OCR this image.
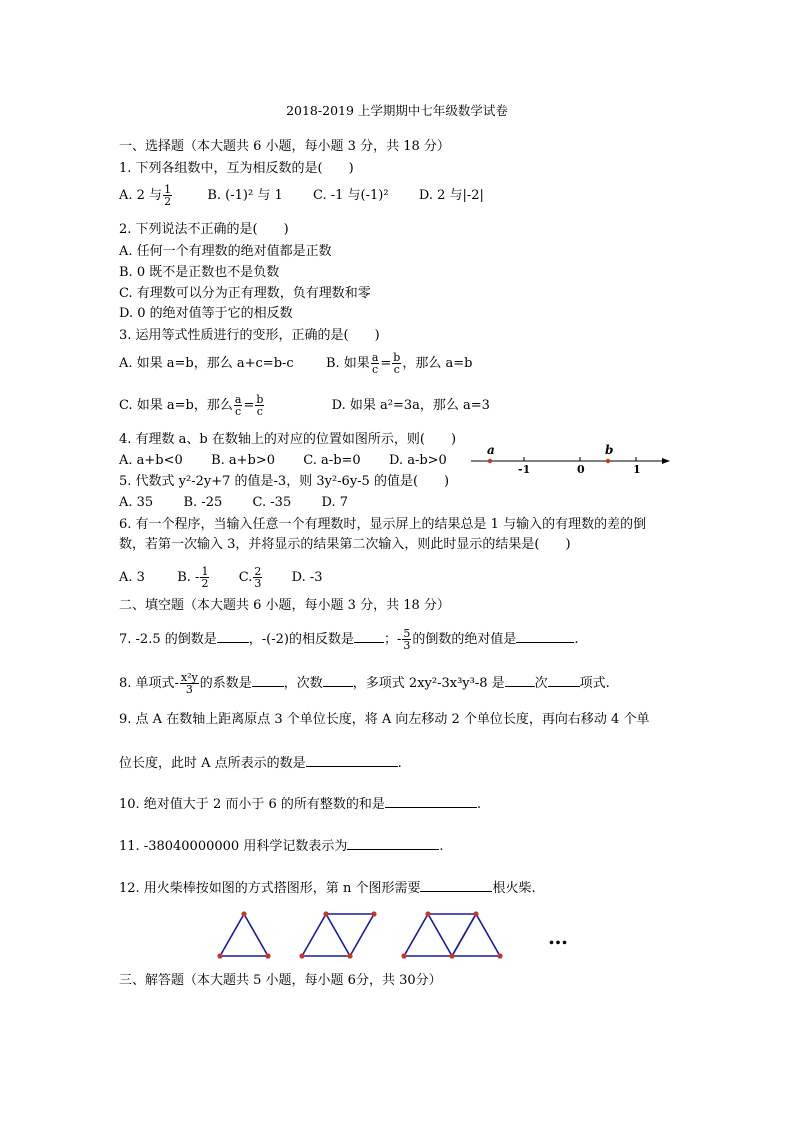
2018-2019 上学期期中七年级数学试卷
一、选择题（本大题共 6 小题，每小题 3 分，共 18 分）
1. 下列各组数中，互为相反数的是(　　)
A. 2 与 $\frac{1}{2}$	B. (-1)² 与 1 C. -1 与(-1)² D. 2 与|-2|
2. 下列说法不正确的是(　　)
A. 任何一个有理数的绝对值都是正数
B. 0 既不是正数也不是负数
C. 有理数可以分为正有理数，负有理数和零
D. 0 的绝对值等于它的相反数
3. 运用等式性质进行的变形，正确的是(　　)
A. 如果 a=b，那么 a+c=b-c B. 如果 $\frac{a}{c} = \frac{b}{c}$ ，那么 a=b
C. 如果 a=b，那么 $\frac{a}{c} = \frac{b}{c}$	D. 如果 a²=3a，那么 a=3
4. 有理数 a、b 在数轴上的对应的位置如图所示，则(　　)
A. a+b<0 B. a+b>0 C. a-b=0 D. a-b>0
a	b
-1	0	1
5. 代数式 y²-2y+7 的值是-3，则 3y²-6y-5 的值是(　　)
A. 35 B. -25 C. -35 D. 7
6. 有一个程序，当输入任意一个有理数时，显示屏上的结果总是 1 与输入的有理数的差的倒
数，若第一次输入 3，并将显示的结果第二次输入，则此时显示的结果是(　　)
A. 3 B. - $\frac{1}{2} C$. $\frac{2}{3} D$. -3
二、填空题（本大题共 6 小题，每小题 3 分，共 18 分）
7. -2.5 的倒数是 ，-(-2)的相反数是 ；- $\frac{5}{3}$ 的倒数的绝对值是	.
8. 单项式- $\frac{\text{x²y}}{3}$ 的系数是 ，次数 ，多项式 2xy²-3x³y³-8 是 次 项式.
9. 点 A 在数轴上距离原点 3 个单位长度，将 A 向左移动 2 个单位长度，再向右移动 4 个单
位长度，此时 A 点所表示的数是	.
10. 绝对值大于 2 而小于 6 的所有整数的和是	.
11. -38040000000 用科学记数表示为	.
12. 用火柴棒按如图的方式搭图形，第 n 个图形需要	根火柴.
…
三、解答题（本大题共 5 小题，每小题 6分，共 30分）
